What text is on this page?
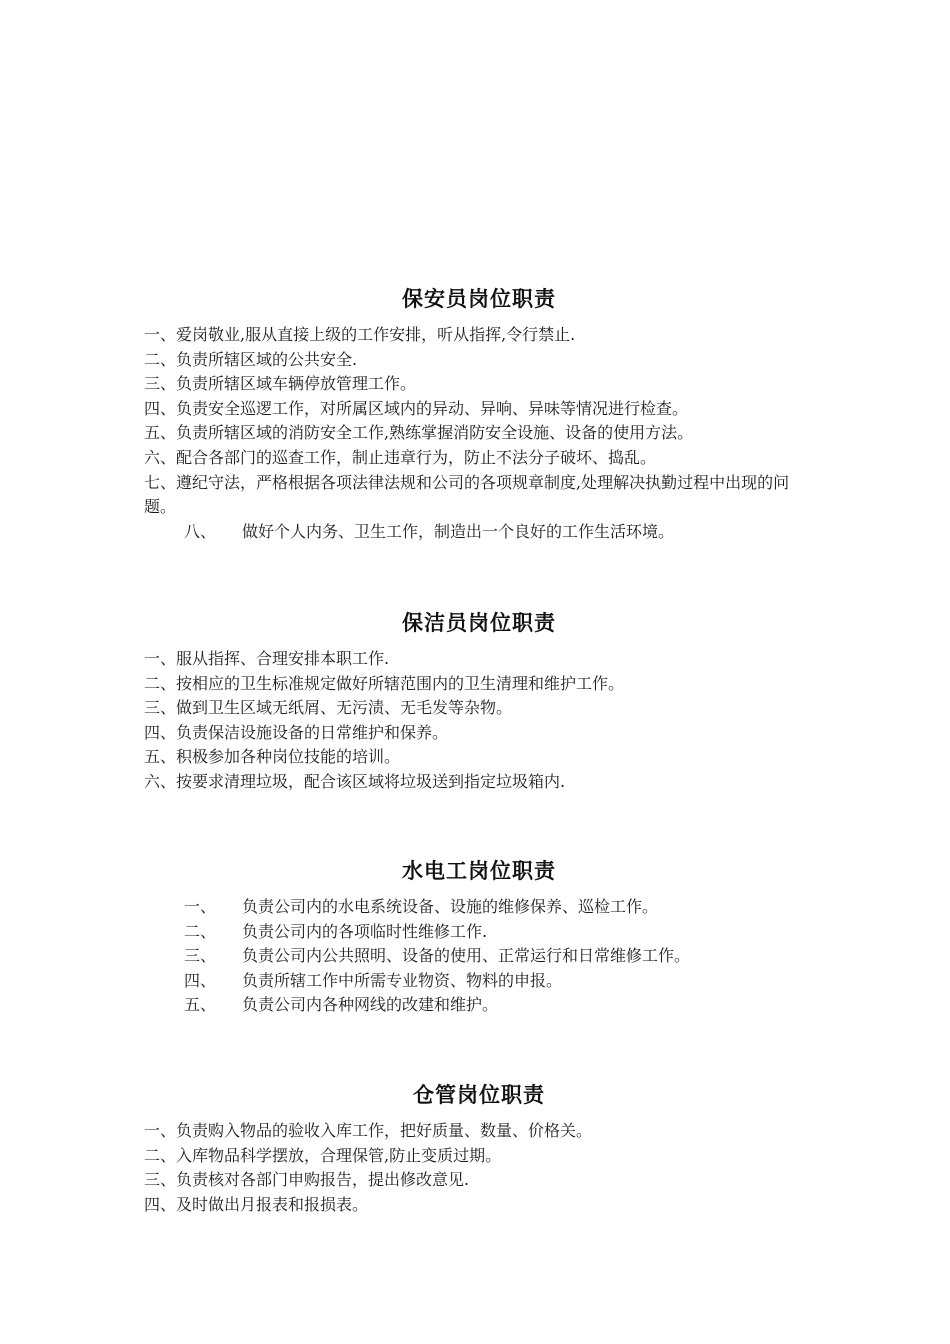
保安员岗位职责
一、爱岗敬业,服从直接上级的工作安排，听从指挥,令行禁止.
二、负责所辖区域的公共安全.
三、负责所辖区域车辆停放管理工作。
四、负责安全巡逻工作，对所属区域内的异动、异响、异味等情况进行检查。
五、负责所辖区域的消防安全工作,熟练掌握消防安全设施、设备的使用方法。
六、配合各部门的巡查工作，制止违章行为，防止不法分子破坏、捣乱。
七、遵纪守法，严格根据各项法律法规和公司的各项规章制度,处理解决执勤过程中出现的问题。
八、 做好个人内务、卫生工作，制造出一个良好的工作生活环境。
保洁员岗位职责
一、服从指挥、合理安排本职工作.
二、按相应的卫生标准规定做好所辖范围内的卫生清理和维护工作。
三、做到卫生区域无纸屑、无污渍、无毛发等杂物。
四、负责保洁设施设备的日常维护和保养。
五、积极参加各种岗位技能的培训。
六、按要求清理垃圾，配合该区域将垃圾送到指定垃圾箱内.
水电工岗位职责
一、 负责公司内的水电系统设备、设施的维修保养、巡检工作。
二、 负责公司内的各项临时性维修工作.
三、 负责公司内公共照明、设备的使用、正常运行和日常维修工作。
四、 负责所辖工作中所需专业物资、物料的申报。
五、 负责公司内各种网线的改建和维护。
仓管岗位职责
一、负责购入物品的验收入库工作，把好质量、数量、价格关。
二、入库物品科学摆放，合理保管,防止变质过期。
三、负责核对各部门申购报告，提出修改意见.
四、及时做出月报表和报损表。
